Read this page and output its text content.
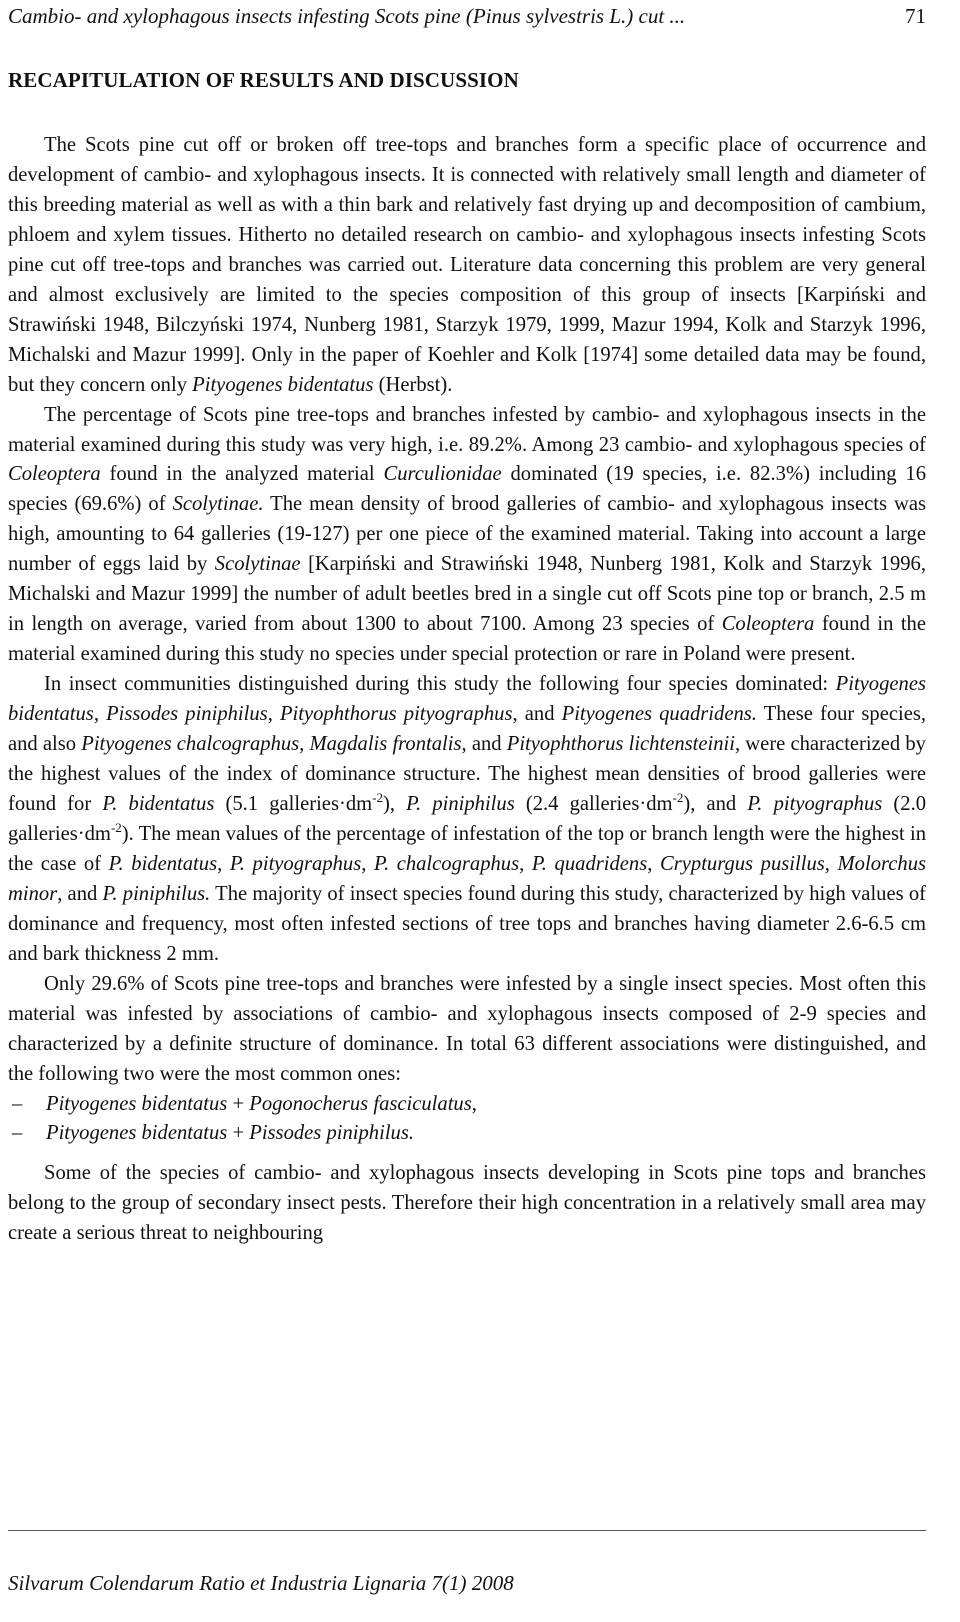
Cambio- and xylophagous insects infesting Scots pine (Pinus sylvestris L.) cut ...	71
RECAPITULATION OF RESULTS AND DISCUSSION

The Scots pine cut off or broken off tree-tops and branches form a specific place of occurrence and development of cambio- and xylophagous insects. It is connected with relatively small length and diameter of this breeding material as well as with a thin bark and relatively fast drying up and decomposition of cambium, phloem and xylem tissues. Hitherto no detailed research on cambio- and xylophagous insects infesting Scots pine cut off tree-tops and branches was carried out. Literature data concerning this problem are very general and almost exclusively are limited to the species composition of this group of insects [Karpiński and Strawiński 1948, Bilczyński 1974, Nunberg 1981, Starzyk 1979, 1999, Mazur 1994, Kolk and Starzyk 1996, Michalski and Mazur 1999]. Only in the paper of Koehler and Kolk [1974] some detailed data may be found, but they concern only Pityogenes bidentatus (Herbst).

The percentage of Scots pine tree-tops and branches infested by cambio- and xylophagous insects in the material examined during this study was very high, i.e. 89.2%. Among 23 cambio- and xylophagous species of Coleoptera found in the analyzed material Curculionidae dominated (19 species, i.e. 82.3%) including 16 species (69.6%) of Scolytinae. The mean density of brood galleries of cambio- and xylophagous insects was high, amounting to 64 galleries (19-127) per one piece of the examined material. Taking into account a large number of eggs laid by Scolytinae [Karpiński and Strawiński 1948, Nunberg 1981, Kolk and Starzyk 1996, Michalski and Mazur 1999] the number of adult beetles bred in a single cut off Scots pine top or branch, 2.5 m in length on average, varied from about 1300 to about 7100. Among 23 species of Coleoptera found in the material examined during this study no species under special protection or rare in Poland were present.

In insect communities distinguished during this study the following four species dominated: Pityogenes bidentatus, Pissodes piniphilus, Pityophthorus pityographus, and Pityogenes quadridens. These four species, and also Pityogenes chalcographus, Magdalis frontalis, and Pityophthorus lichtensteinii, were characterized by the highest values of the index of dominance structure. The highest mean densities of brood galleries were found for P. bidentatus (5.1 $galleries\cdot dm^{-2}$), P. piniphilus (2.4 $galleries\cdot dm^{-2}$), and P. pityographus (2.0 $galleries\cdot dm^{-2}$). The mean values of the percentage of infestation of the top or branch length were the highest in the case of P. bidentatus, P. pityographus, P. chalcographus, P. quadridens, Crypturgus pusillus, Molorchus minor, and P. piniphilus. The majority of insect species found during this study, characterized by high values of dominance and frequency, most often infested sections of tree tops and branches having diameter 2.6-6.5 cm and bark thickness 2 mm.

Only 29.6% of Scots pine tree-tops and branches were infested by a single insect species. Most often this material was infested by associations of cambio- and xylophagous insects composed of 2-9 species and characterized by a definite structure of dominance. In total 63 different associations were distinguished, and the following two were the most common ones:

– Pityogenes bidentatus + Pogonocherus fasciculatus,

– Pityogenes bidentatus + Pissodes piniphilus.

Some of the species of cambio- and xylophagous insects developing in Scots pine tops and branches belong to the group of secondary insect pests. Therefore their high concentration in a relatively small area may create a serious threat to neighbouring

Silvarum Colendarum Ratio et Industria Lignaria 7(1) 2008
